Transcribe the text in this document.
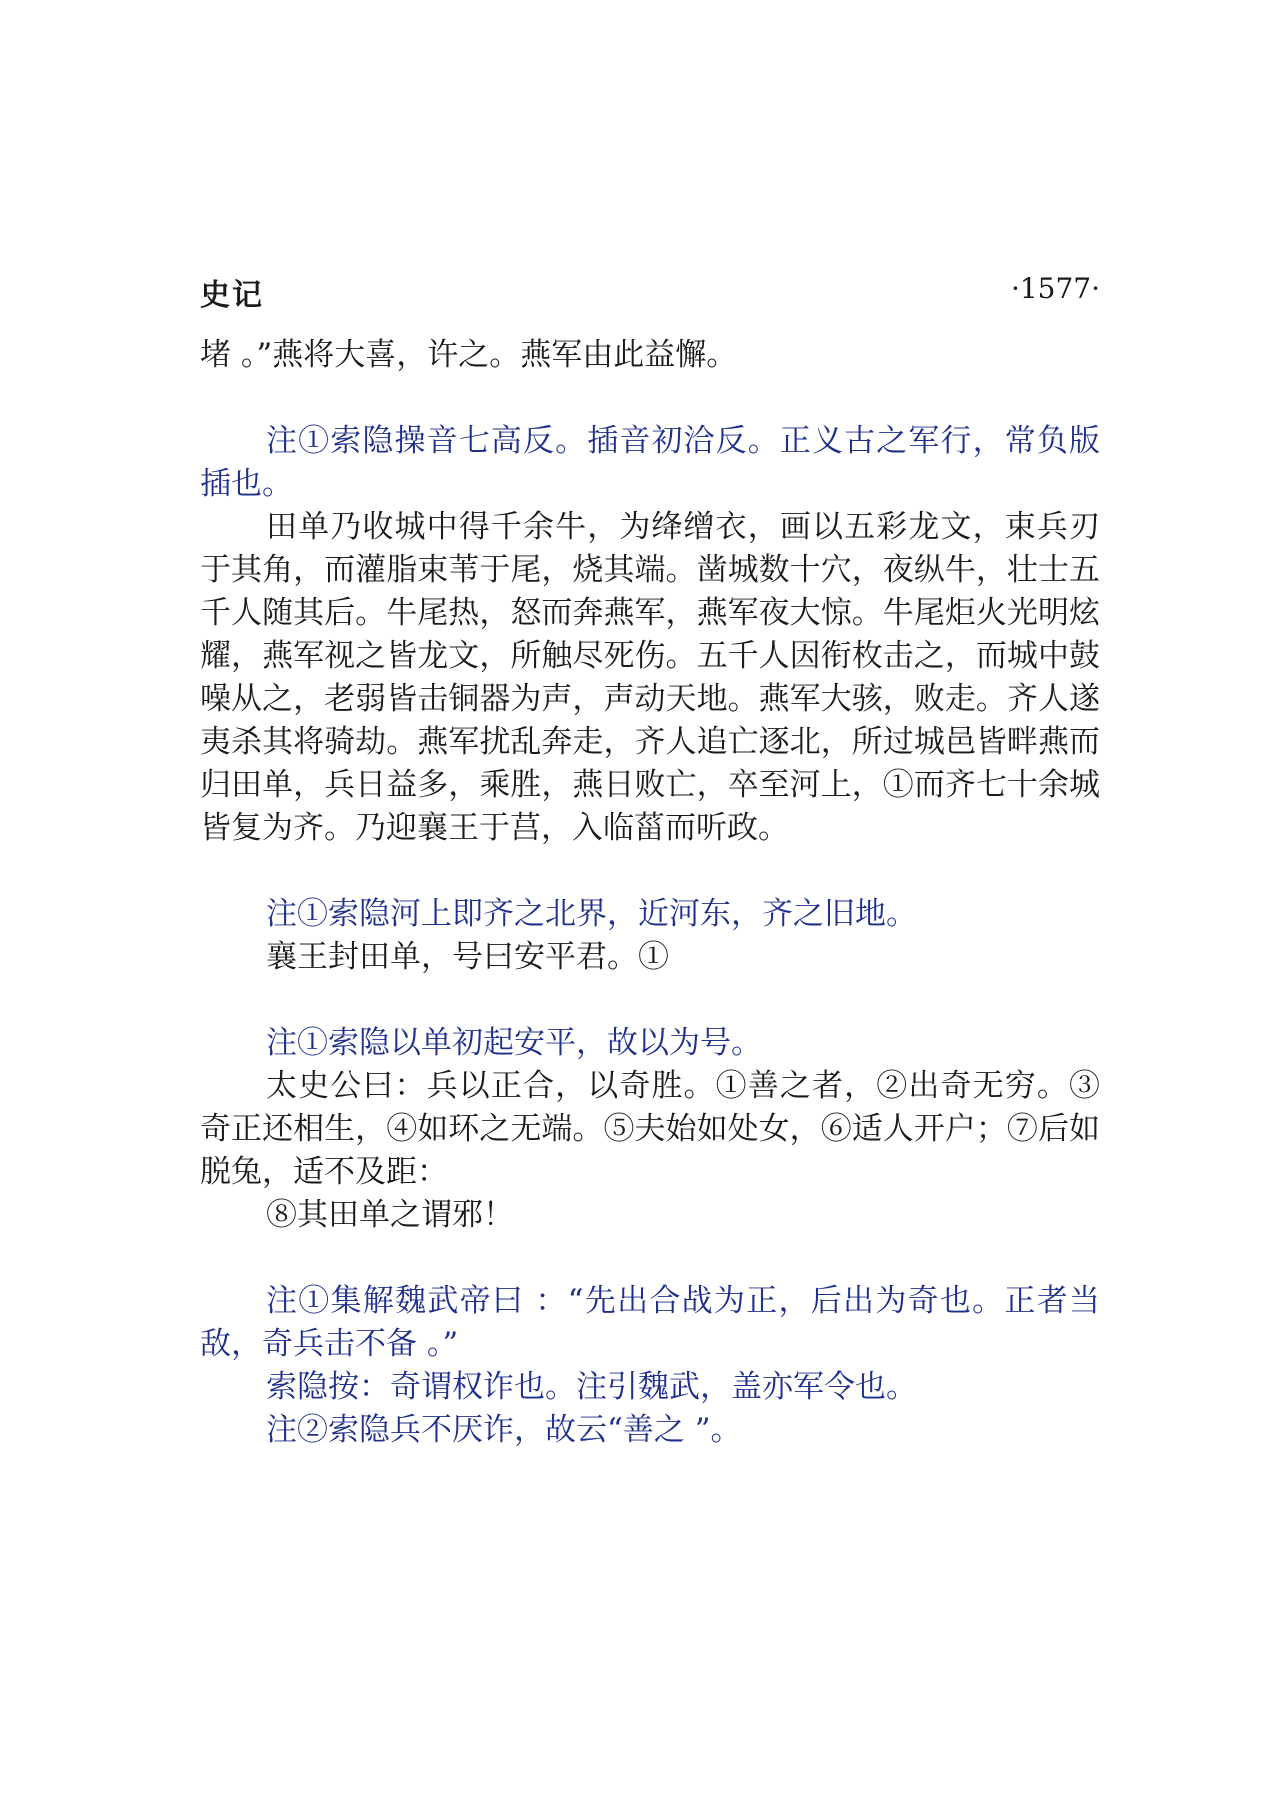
史记	·1577·

堵 。”燕将大喜，许之。燕军由此益懈。

注①索隐操音七高反。插音初洽反。正义古之军行，常负版插也。

田单乃收城中得千余牛，为绛缯衣，画以五彩龙文，束兵刃于其角，而灌脂束苇于尾，烧其端。凿城数十穴，夜纵牛，壮士五千人随其后。牛尾热，怒而奔燕军，燕军夜大惊。牛尾炬火光明炫耀，燕军视之皆龙文，所触尽死伤。五千人因衔枚击之，而城中鼓噪从之，老弱皆击铜器为声，声动天地。燕军大骇，败走。齐人遂夷杀其将骑劫。燕军扰乱奔走，齐人追亡逐北，所过城邑皆畔燕而归田单，兵日益多，乘胜，燕日败亡，卒至河上，①而齐七十余城皆复为齐。乃迎襄王于莒，入临菑而听政。

注①索隐河上即齐之北界，近河东，齐之旧地。

襄王封田单，号曰安平君。①

注①索隐以单初起安平，故以为号。

太史公曰：兵以正合，以奇胜。①善之者，②出奇无穷。③奇正还相生，④如环之无端。⑤夫始如处女，⑥适人开户；⑦后如脱兔，适不及距：

⑧其田单之谓邪！

注①集解魏武帝曰 ：“先出合战为正，后出为奇也。正者当敌，奇兵击不备 。”

索隐按：奇谓权诈也。注引魏武，盖亦军令也。

注②索隐兵不厌诈，故云“善之 ”。
